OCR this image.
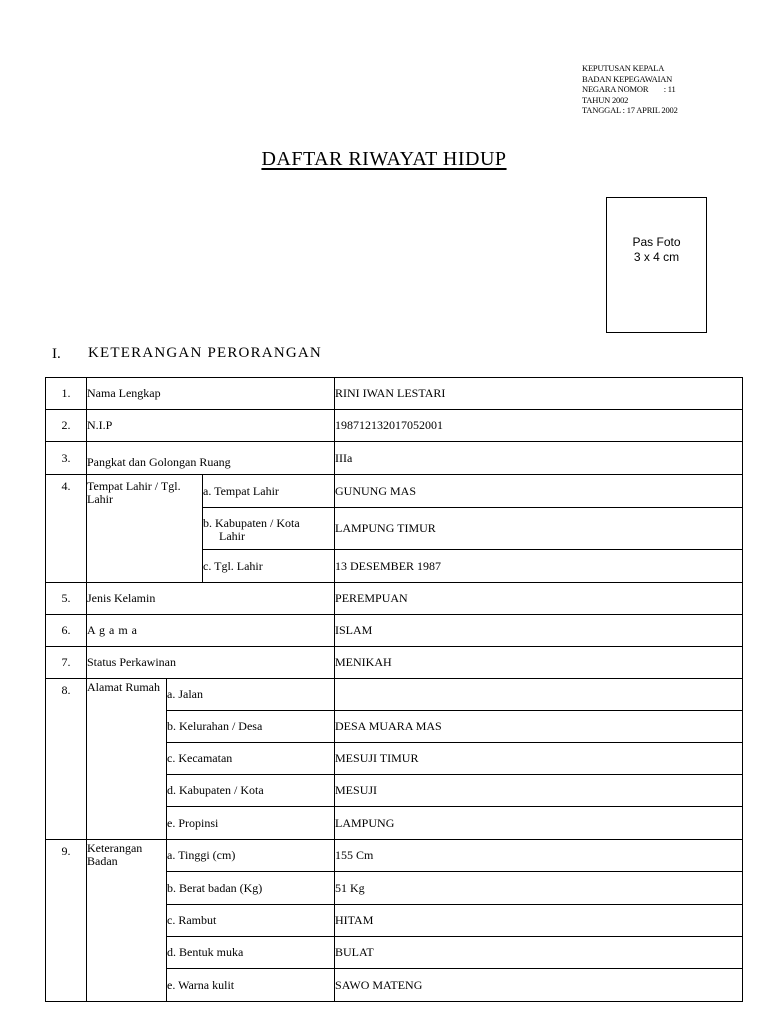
KEPUTUSAN KEPALA
BADAN KEPEGAWAIAN
NEGARA NOMOR        : 11
TAHUN 2002
TANGGAL : 17 APRIL 2002
DAFTAR RIWAYAT HIDUP
Pas Foto
3 x 4 cm
I. KETERANGAN PERORANGAN
1.	Nama Lengkap			RINI IWAN LESTARI
2.	N.I.P			198712132017052001
3.	Pangkat dan Golongan Ruang			IIIa
4.	Tempat Lahir / Tgl. Lahir		a. Tempat Lahir	GUNUNG MAS

			b. Kabupaten / Kota
Lahir	LAMPUNG TIMUR
			c. Tgl. Lahir	13 DESEMBER 1987
5.	Jenis Kelamin			PEREMPUAN
6.	A g a m a			ISLAM
7.	Status Perkawinan			MENIKAH
8.	Alamat Rumah	a. Jalan		
		b. Kelurahan / Desa		DESA MUARA MAS
		c. Kecamatan		MESUJI TIMUR
		d. Kabupaten / Kota		MESUJI
		e. Propinsi		LAMPUNG
9.	Keterangan Badan	a. Tinggi (cm)		155 Cm
		b. Berat badan (Kg)		51 Kg
		c. Rambut		HITAM
		d. Bentuk muka		BULAT
		e. Warna kulit		SAWO MATENG
